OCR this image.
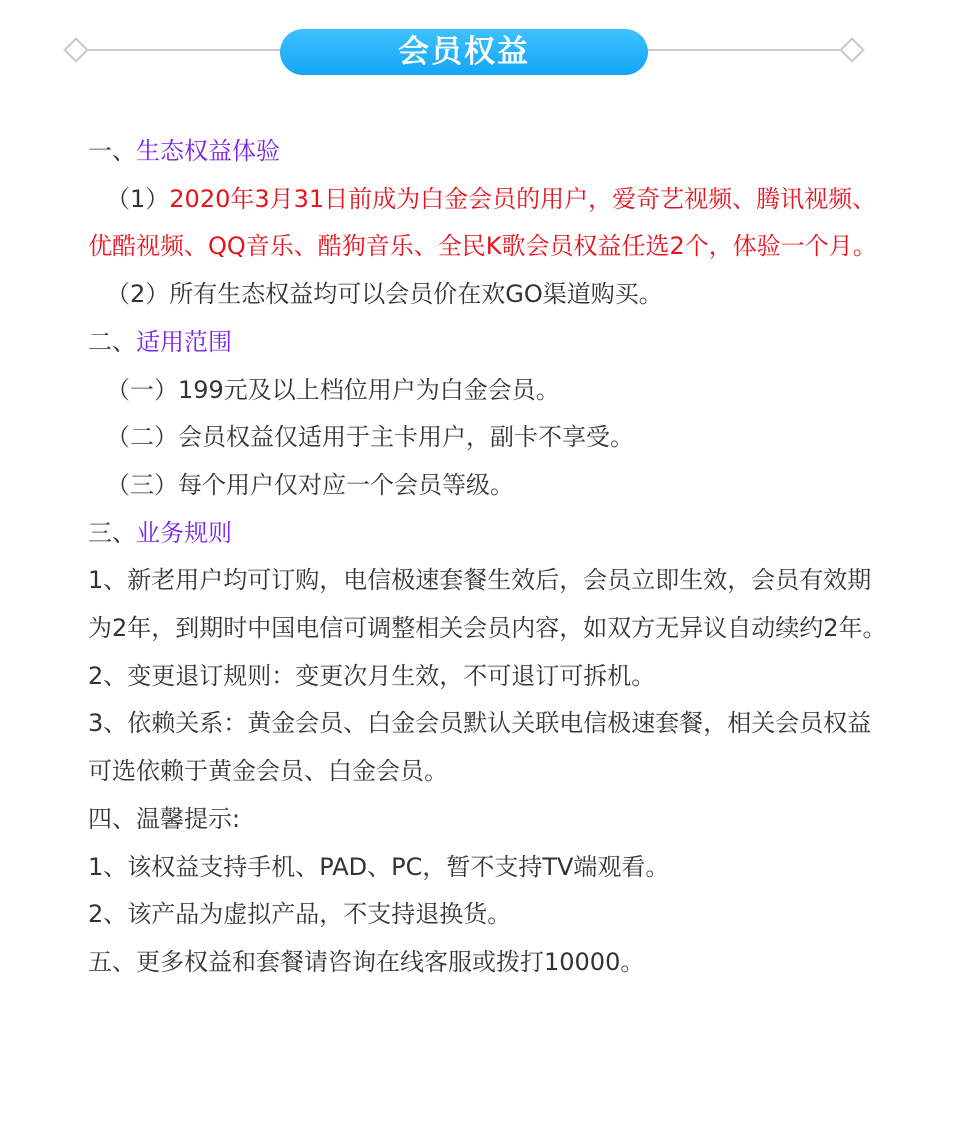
会员权益

一、生态权益体验

（1）2020年3月31日前成为白金会员的用户，爱奇艺视频、腾讯视频、优酷视频、QQ音乐、酷狗音乐、全民K歌会员权益任选2个，体验一个月。

（2）所有生态权益均可以会员价在欢GO渠道购买。

二、适用范围

（一）199元及以上档位用户为白金会员。

（二）会员权益仅适用于主卡用户，副卡不享受。

（三）每个用户仅对应一个会员等级。

三、业务规则

1、新老用户均可订购，电信极速套餐生效后，会员立即生效，会员有效期为2年，到期时中国电信可调整相关会员内容，如双方无异议自动续约2年。

2、变更退订规则：变更次月生效，不可退订可拆机。

3、依赖关系：黄金会员、白金会员默认关联电信极速套餐，相关会员权益可选依赖于黄金会员、白金会员。

四、温馨提示:

1、该权益支持手机、PAD、PC，暂不支持TV端观看。

2、该产品为虚拟产品，不支持退换货。

五、更多权益和套餐请咨询在线客服或拨打10000。
